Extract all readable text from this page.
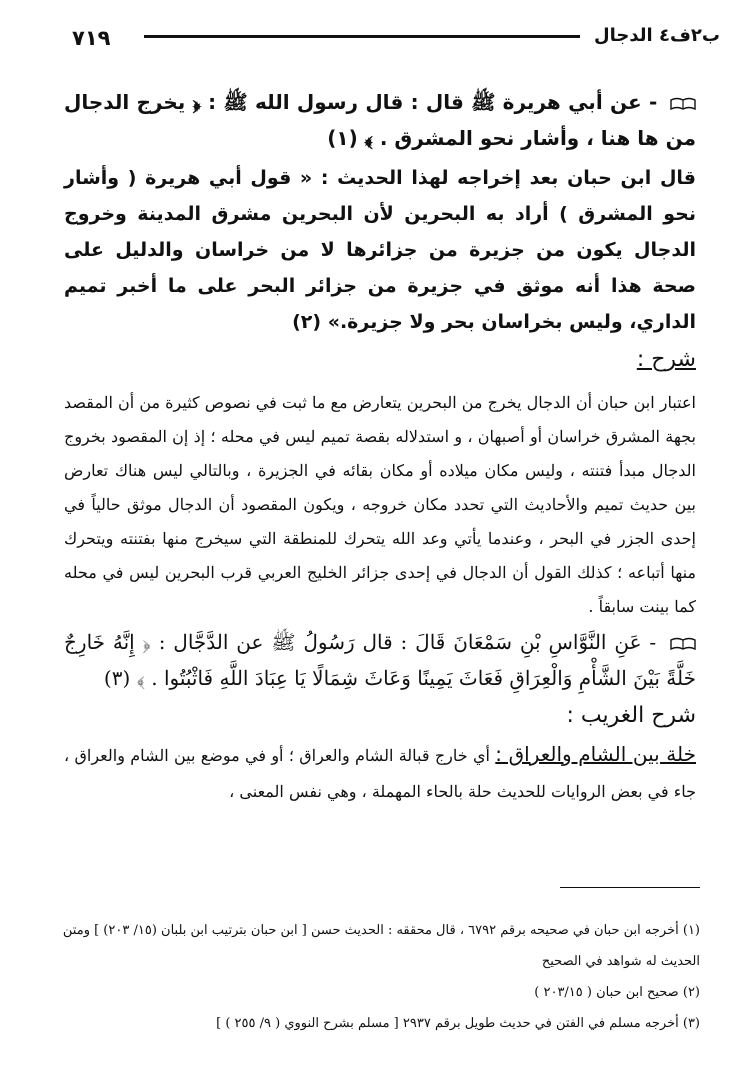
٧١٩	ب٢ف٤ الدجال

- عن أبي هريرة ﷺ قال : قال رسول الله ﷺ : ﴿ يخرج الدجال من ها هنا ، وأشار نحو المشرق . ﴾ (١)

قال ابن حبان بعد إخراجه لهذا الحديث : « قول أبي هريرة ( وأشار نحو المشرق ) أراد به البحرين لأن البحرين مشرق المدينة وخروج الدجال يكون من جزيرة من جزائرها لا من خراسان والدليل على صحة هذا أنه موثق في جزيرة من جزائر البحر على ما أخبر تميم الداري، وليس بخراسان بحر ولا جزيرة.» (٢)

شرح :

اعتبار ابن حبان أن الدجال يخرج من البحرين يتعارض مع ما ثبت في نصوص كثيرة من أن المقصد بجهة المشرق خراسان أو أصبهان ، و استدلاله بقصة تميم ليس في محله ؛ إذ إن المقصود بخروج الدجال مبدأ فتنته ، وليس مكان ميلاده أو مكان بقائه في الجزيرة ، وبالتالي ليس هناك تعارض بين حديث تميم والأحاديث التي تحدد مكان خروجه ، ويكون المقصود أن الدجال موثق حالياً في إحدى الجزر في البحر ، وعندما يأتي وعد الله يتحرك للمنطقة التي سيخرج منها بفتنته ويتحرك منها أتباعه ؛ كذلك القول أن الدجال في إحدى جزائر الخليج العربي قرب البحرين ليس في محله كما بينت سابقاً .

- عَنِ النَّوَّاسِ بْنِ سَمْعَانَ قَالَ : قال رَسُولُ ﷺ عن الدَّجَّال : ﴿ إِنَّهُ خَارِجٌ خَلَّةً بَيْنَ الشَّأْمِ وَالْعِرَاقِ فَعَاثَ يَمِينًا وَعَاثَ شِمَالًا يَا عِبَادَ اللَّهِ فَاثْبُتُوا . ﴾ (٣)

شرح الغريب :

خلة بين الشام والعراق : أي خارج قبالة الشام والعراق ؛ أو في موضع بين الشام والعراق ، جاء في بعض الروايات للحديث حلة بالحاء المهملة ، وهي نفس المعنى ،

(١) أخرجه ابن حبان في صحيحه برقم ٦٧٩٢ ، قال محققه : الحديث حسن [ ابن حبان بترتيب ابن بلبان (١٥/ ٢٠٣) ] ومتن الحديث له شواهد في الصحيح

(٢) صحيح ابن حبان ( ٢٠٣/١٥ )

(٣) أخرجه مسلم في الفتن في حديث طويل برقم ٢٩٣٧ [ مسلم بشرح النووي ( ٩/ ٢٥٥ ) ]
